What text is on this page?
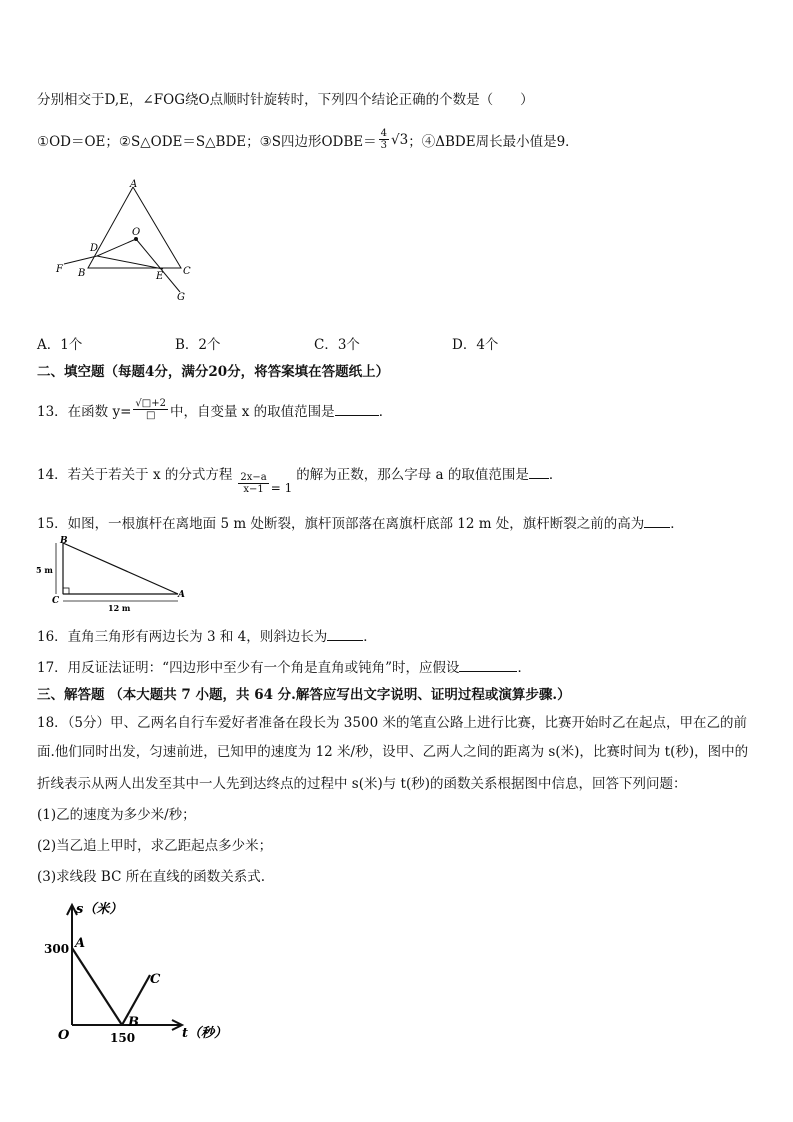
分别相交于D,E，∠FOG绕O点顺时针旋转时，下列四个结论正确的个数是（　　）
①OD＝OE；②S△ODE＝S△BDE；③S四边形ODBE＝ $\frac{4}{3} √3$ ；④ΔBDE周长最小值是9．
A
B	C
D
E
F
G
O
A．1个	B．2个	C．3个	D．4个
二、填空题（每题4分，满分20分，将答案填在答题纸上）
13．在函数 $y= \frac{√□+2}{□}$ 中，自变量 x 的取值范围是	．
14．若关于若关于 x 的分式方程 $\frac{2x-a}{x-1} = 1$
的解为正数，那么字母 a 的取值范围是 ．
15．如图，一根旗杆在离地面 5 m 处断裂，旗杆顶部落在离旗杆底部 12 m 处，旗杆断裂之前的高为 ．
B
C
A
5 m
12 m
16．直角三角形有两边长为 3 和 4，则斜边长为	．
17．用反证法证明：“四边形中至少有一个角是直角或钝角”时，应假设	．
三、解答题 （本大题共 7 小题，共 64 分.解答应写出文字说明、证明过程或演算步骤.）
18．（5分）甲、乙两名自行车爱好者准备在段长为 3500 米的笔直公路上进行比赛，比赛开始时乙在起点，甲在乙的前
面.他们同时出发，匀速前进，已知甲的速度为 12 米/秒，设甲、乙两人之间的距离为 s(米)，比赛时间为 t(秒)，图中的
折线表示从两人出发至其中一人先到达终点的过程中 s(米)与 t(秒)的函数关系根据图中信息，回答下列问题：
(1)乙的速度为多少米/秒；
(2)当乙追上甲时，求乙距起点多少米；
(3)求线段 BC 所在直线的函数关系式.
s（米）
t（秒）
O
300
150
A
B
C
